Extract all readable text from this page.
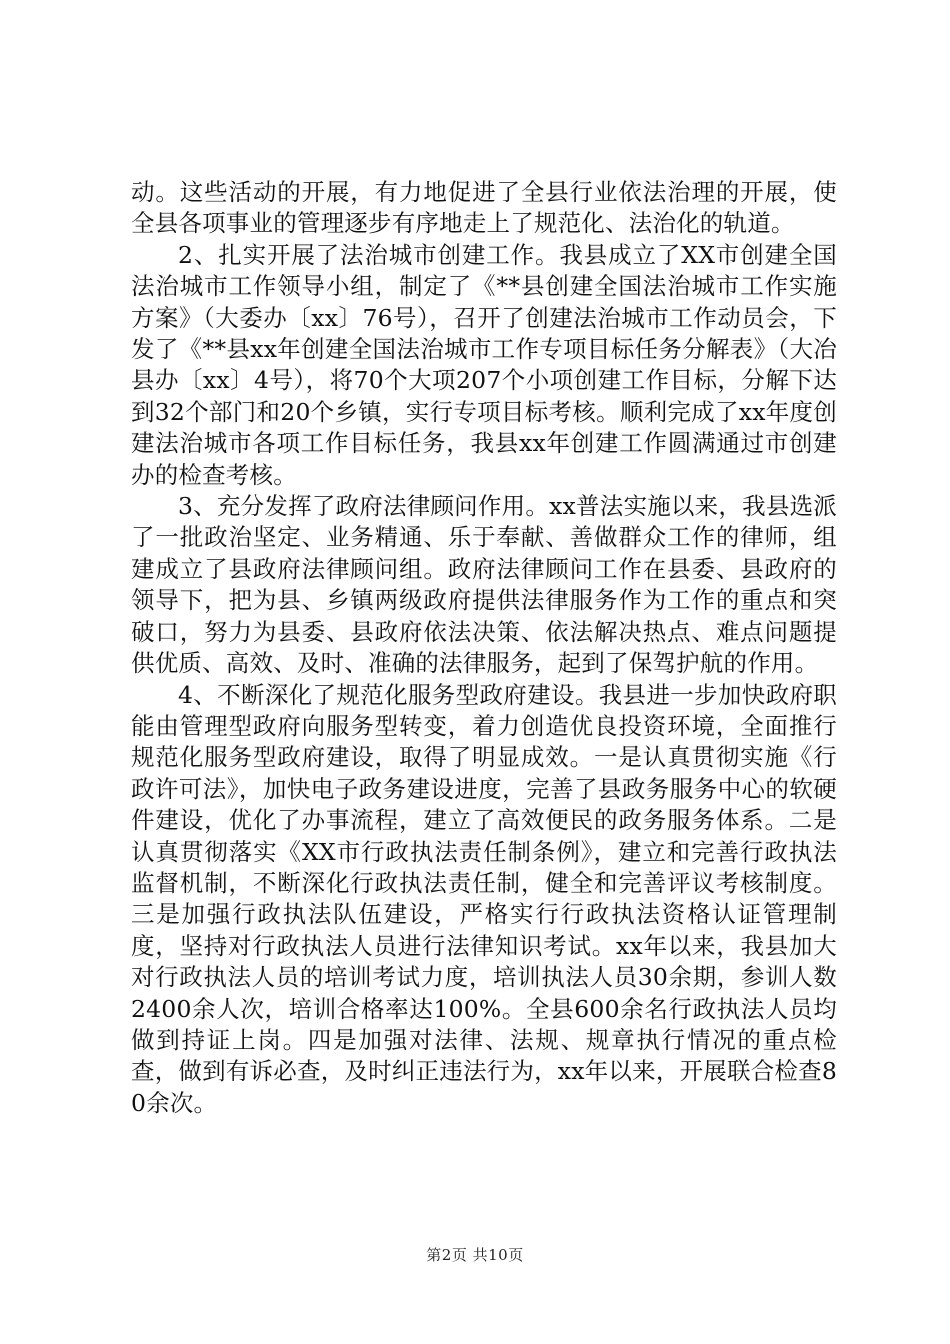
动。这些活动的开展，有力地促进了全县行业依法治理的开展，使全县各项事业的管理逐步有序地走上了规范化、法治化的轨道。

2、扎实开展了法治城市创建工作。我县成立了XX市创建全国法治城市工作领导小组，制定了《**县创建全国法治城市工作实施方案》（大委办〔xx〕76号），召开了创建法治城市工作动员会，下发了《**县xx年创建全国法治城市工作专项目标任务分解表》（大冶县办〔xx〕4号），将70个大项207个小项创建工作目标，分解下达到32个部门和20个乡镇，实行专项目标考核。顺利完成了xx年度创建法治城市各项工作目标任务，我县xx年创建工作圆满通过市创建办的检查考核。

3、充分发挥了政府法律顾问作用。xx普法实施以来，我县选派了一批政治坚定、业务精通、乐于奉献、善做群众工作的律师，组建成立了县政府法律顾问组。政府法律顾问工作在县委、县政府的领导下，把为县、乡镇两级政府提供法律服务作为工作的重点和突破口，努力为县委、县政府依法决策、依法解决热点、难点问题提供优质、高效、及时、准确的法律服务，起到了保驾护航的作用。

4、不断深化了规范化服务型政府建设。我县进一步加快政府职能由管理型政府向服务型转变，着力创造优良投资环境，全面推行规范化服务型政府建设，取得了明显成效。一是认真贯彻实施《行政许可法》，加快电子政务建设进度，完善了县政务服务中心的软硬件建设，优化了办事流程，建立了高效便民的政务服务体系。二是认真贯彻落实《XX市行政执法责任制条例》，建立和完善行政执法监督机制，不断深化行政执法责任制，健全和完善评议考核制度。三是加强行政执法队伍建设，严格实行行政执法资格认证管理制度，坚持对行政执法人员进行法律知识考试。xx年以来，我县加大对行政执法人员的培训考试力度，培训执法人员30余期，参训人数2400余人次，培训合格率达100%。全县600余名行政执法人员均做到持证上岗。四是加强对法律、法规、规章执行情况的重点检查，做到有诉必查，及时纠正违法行为，xx年以来，开展联合检查80余次。

第2页 共10页
